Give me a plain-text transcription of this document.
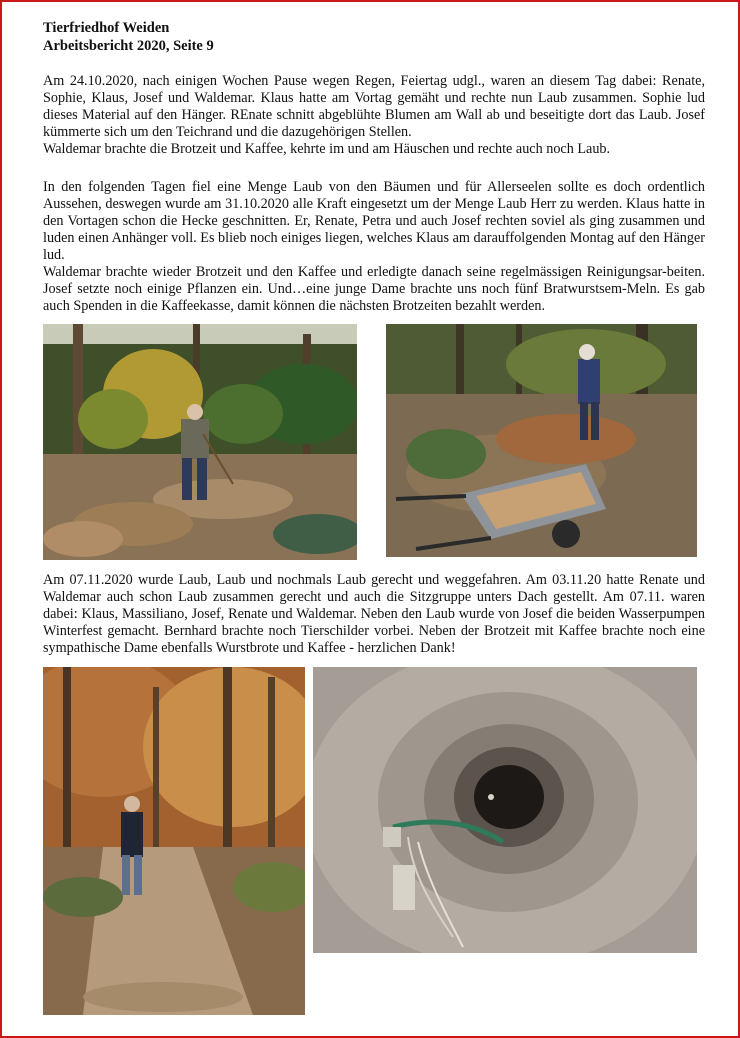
Tierfriedhof Weiden
Arbeitsbericht 2020, Seite 9

Am 24.10.2020, nach einigen Wochen Pause wegen Regen, Feiertag udgl., waren an diesem Tag dabei: Renate, Sophie, Klaus, Josef und Waldemar. Klaus hatte am Vortag gemäht und rechte nun Laub zusammen. Sophie lud dieses Material auf den Hänger. REnate schnitt abgeblühte Blumen am Wall ab und beseitigte dort das Laub. Josef kümmerte sich um den Teichrand und die dazugehörigen Stellen.

Waldemar brachte die Brotzeit und Kaffee, kehrte im und am Häuschen und rechte auch noch Laub.

In den folgenden Tagen fiel eine Menge Laub von den Bäumen und für Allerseelen sollte es doch ordentlich Aussehen, deswegen wurde am 31.10.2020 alle Kraft eingesetzt um der Menge Laub Herr zu werden. Klaus hatte in den Vortagen schon die Hecke geschnitten. Er, Renate, Petra und auch Josef rechten soviel als ging zusammen und luden einen Anhänger voll. Es blieb noch einiges liegen, welches Klaus am darauffolgenden Montag auf den Hänger lud.

Waldemar brachte wieder Brotzeit und den Kaffee und erledigte danach seine regelmässigen Reinigungsar-beiten. Josef setzte noch einige Pflanzen ein. Und…eine junge Dame brachte uns noch fünf Bratwurstsem-Meln. Es gab auch Spenden in die Kaffeekasse, damit können die nächsten Brotzeiten bezahlt werden.

Am 07.11.2020 wurde Laub, Laub und nochmals Laub gerecht und weggefahren. Am 03.11.20 hatte Renate und Waldemar auch schon Laub zusammen gerecht und auch die Sitzgruppe unters Dach gestellt. Am 07.11. waren dabei: Klaus, Massiliano, Josef, Renate und Waldemar. Neben den Laub wurde von Josef die beiden Wasserpumpen Winterfest gemacht. Bernhard brachte noch Tierschilder vorbei. Neben der Brotzeit mit Kaffee brachte noch eine sympathische Dame ebenfalls Wurstbrote und Kaffee - herzlichen Dank!
